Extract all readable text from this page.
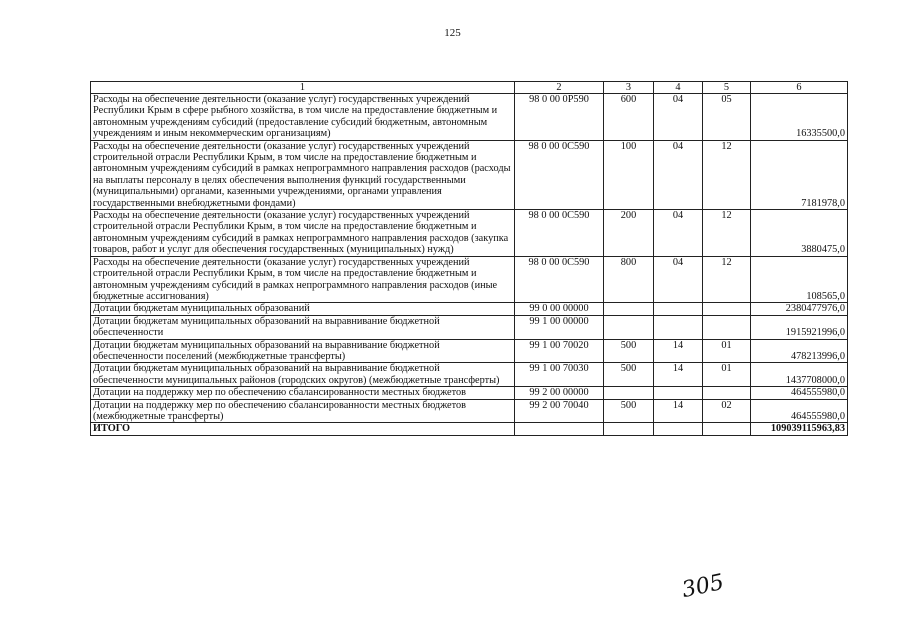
125
1	2	3	4	5	6
Расходы на обеспечение деятельности (оказание услуг) государственных учреждений Республики Крым в сфере рыбного хозяйства, в том числе на предоставление бюджетным и автономным учреждениям субсидий (предоставление субсидий бюджетным, автономным учреждениям и иным некоммерческим организациям)	98 0 00 0Р590	600	04	05	16335500,0
Расходы на обеспечение деятельности (оказание услуг) государственных учреждений строительной отрасли Республики Крым, в том числе на предоставление бюджетным и автономным учреждениям субсидий в рамках непрограммного направления расходов (расходы на выплаты персоналу в целях обеспечения выполнения функций государственными (муниципальными) органами, казенными учреждениями, органами управления государственными внебюджетными фондами)	98 0 00 0С590	100	04	12	7181978,0
Расходы на обеспечение деятельности (оказание услуг) государственных учреждений строительной отрасли Республики Крым, в том числе на предоставление бюджетным и автономным учреждениям субсидий в рамках непрограммного направления расходов (закупка товаров, работ и услуг для обеспечения государственных (муниципальных) нужд)	98 0 00 0С590	200	04	12	3880475,0
Расходы на обеспечение деятельности (оказание услуг) государственных учреждений строительной отрасли Республики Крым, в том числе на предоставление бюджетным и автономным учреждениям субсидий в рамках непрограммного направления расходов (иные бюджетные ассигнования)	98 0 00 0С590	800	04	12	108565,0
Дотации бюджетам муниципальных образований	99 0 00 00000				2380477976,0
Дотации бюджетам муниципальных образований на выравнивание бюджетной обеспеченности	99 1 00 00000				1915921996,0
Дотации бюджетам муниципальных образований на выравнивание бюджетной обеспеченности поселений (межбюджетные трансферты)	99 1 00 70020	500	14	01	478213996,0
Дотации бюджетам муниципальных образований на выравнивание бюджетной обеспеченности муниципальных районов (городских округов) (межбюджетные трансферты)	99 1 00 70030	500	14	01	1437708000,0
Дотации на поддержку мер по обеспечению сбалансированности местных бюджетов	99 2 00 00000				464555980,0
Дотации на поддержку мер по обеспечению сбалансированности местных бюджетов (межбюджетные трансферты)	99 2 00 70040	500	14	02	464555980,0
ИТОГО					109039115963,83
305
